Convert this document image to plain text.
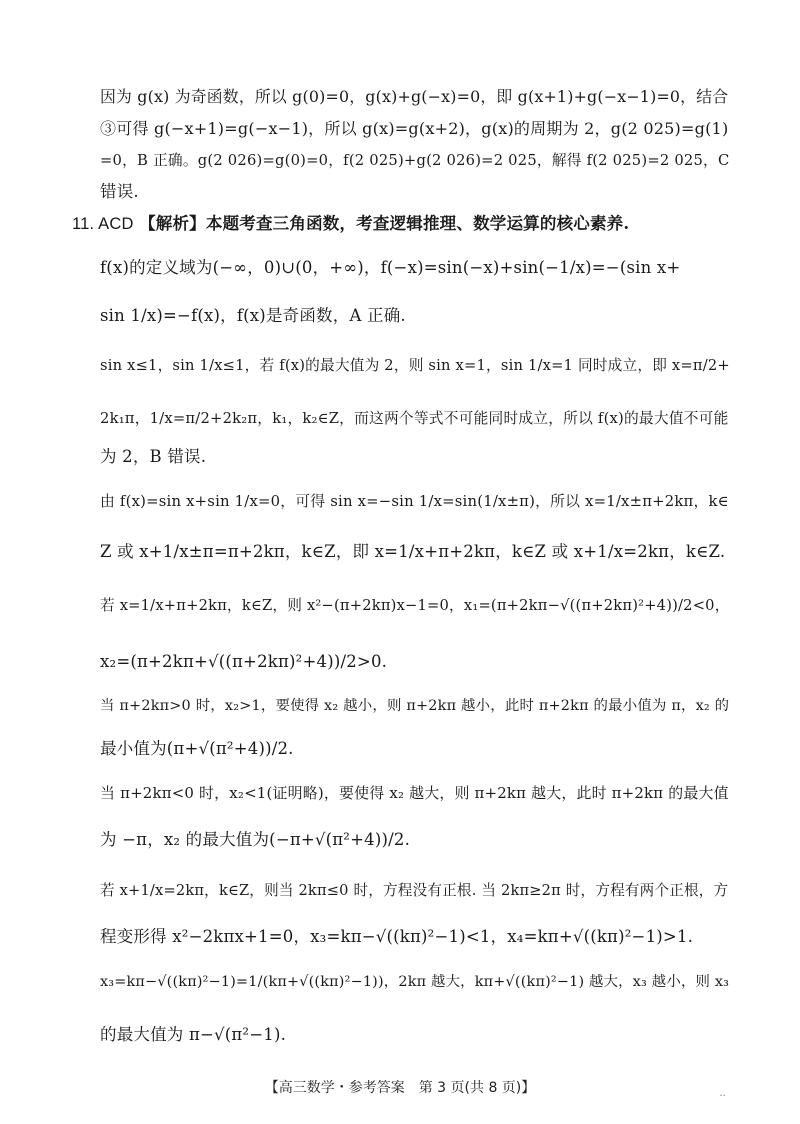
因为 g(x) 为奇函数，所以 g(0)=0，g(x)+g(−x)=0，即 g(x+1)+g(−x−1)=0，结合
③可得 g(−x+1)=g(−x−1)，所以 g(x)=g(x+2)，g(x)的周期为 2，g(2 025)=g(1)
=0，B 正确。g(2 026)=g(0)=0，f(2 025)+g(2 026)=2 025，解得 f(2 025)=2 025，C
错误.
11. ACD 【解析】本题考查三角函数，考查逻辑推理、数学运算的核心素养.
f(x)的定义域为(−∞，0)∪(0，+∞)，f(−x)=sin(−x)+sin(−1/x)=−(sin x+
sin 1/x)=−f(x)，f(x)是奇函数，A 正确.
sin x≤1，sin 1/x≤1，若 f(x)的最大值为 2，则 sin x=1，sin 1/x=1 同时成立，即 x=π/2+
2k₁π，1/x=π/2+2k₂π，k₁，k₂∈Z，而这两个等式不可能同时成立，所以 f(x)的最大值不可能
为 2，B 错误.
由 f(x)=sin x+sin 1/x=0，可得 sin x=−sin 1/x=sin(1/x±π)，所以 x=1/x±π+2kπ，k∈
Z 或 x+1/x±π=π+2kπ，k∈Z，即 x=1/x+π+2kπ，k∈Z 或 x+1/x=2kπ，k∈Z.
若 x=1/x+π+2kπ，k∈Z，则 x²−(π+2kπ)x−1=0，x₁=(π+2kπ−√((π+2kπ)²+4))/2<0，
x₂=(π+2kπ+√((π+2kπ)²+4))/2>0.
当 π+2kπ>0 时，x₂>1，要使得 x₂ 越小，则 π+2kπ 越小，此时 π+2kπ 的最小值为 π，x₂ 的
最小值为(π+√(π²+4))/2.
当 π+2kπ<0 时，x₂<1(证明略)，要使得 x₂ 越大，则 π+2kπ 越大，此时 π+2kπ 的最大值
为 −π，x₂ 的最大值为(−π+√(π²+4))/2.
若 x+1/x=2kπ，k∈Z，则当 2kπ≤0 时，方程没有正根. 当 2kπ≥2π 时，方程有两个正根，方
程变形得 x²−2kπx+1=0，x₃=kπ−√((kπ)²−1)<1，x₄=kπ+√((kπ)²−1)>1.
x₃=kπ−√((kπ)²−1)=1/(kπ+√((kπ)²−1))，2kπ 越大，kπ+√((kπ)²−1) 越大，x₃ 越小，则 x₃
的最大值为 π−√(π²−1).
【高三数学・参考答案　第 3 页(共 8 页)】	..
